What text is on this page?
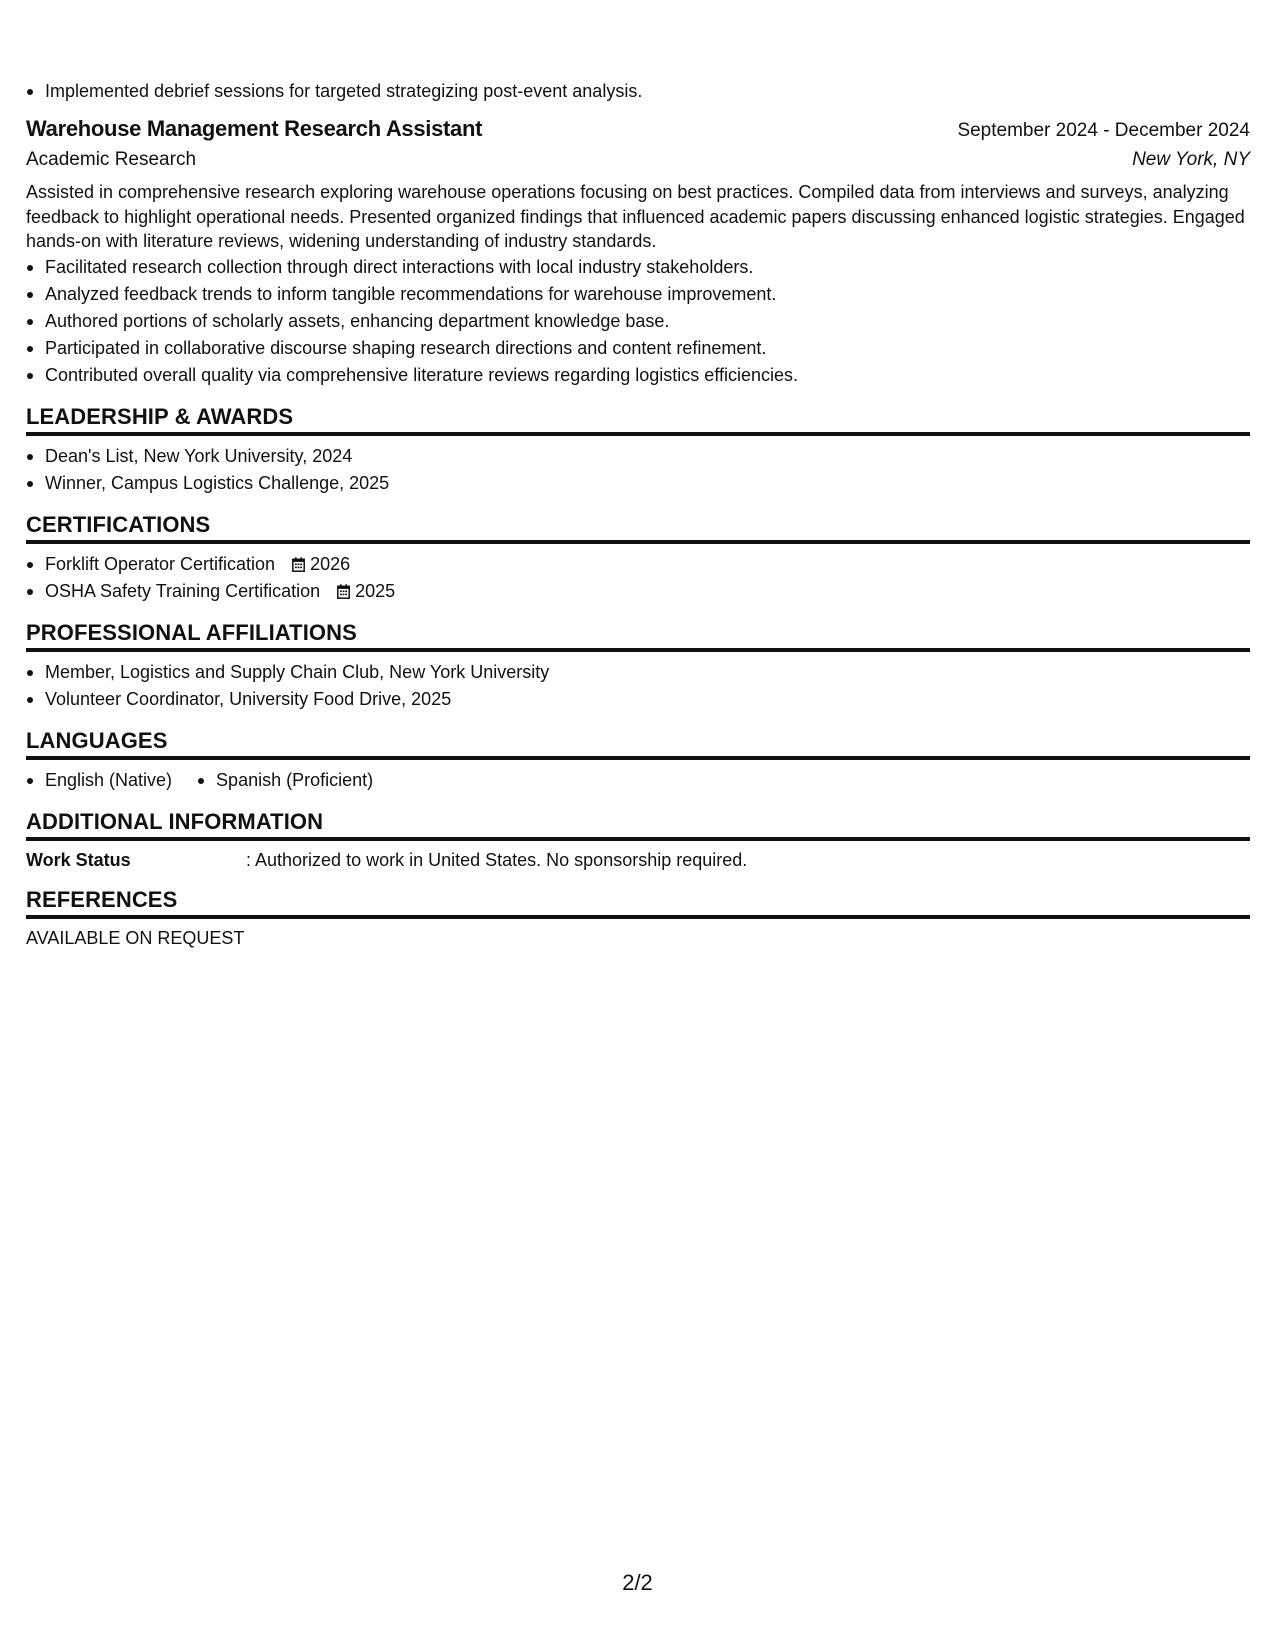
Implemented debrief sessions for targeted strategizing post-event analysis.
Warehouse Management Research Assistant	September 2024 - December 2024
Academic Research	New York, NY
Assisted in comprehensive research exploring warehouse operations focusing on best practices. Compiled data from interviews and surveys, analyzing feedback to highlight operational needs. Presented organized findings that influenced academic papers discussing enhanced logistic strategies. Engaged hands-on with literature reviews, widening understanding of industry standards.
Facilitated research collection through direct interactions with local industry stakeholders.
Analyzed feedback trends to inform tangible recommendations for warehouse improvement.
Authored portions of scholarly assets, enhancing department knowledge base.
Participated in collaborative discourse shaping research directions and content refinement.
Contributed overall quality via comprehensive literature reviews regarding logistics efficiencies.
LEADERSHIP & AWARDS
Dean's List, New York University, 2024
Winner, Campus Logistics Challenge, 2025
CERTIFICATIONS
Forklift Operator Certification 2026
OSHA Safety Training Certification 2025
PROFESSIONAL AFFILIATIONS
Member, Logistics and Supply Chain Club, New York University
Volunteer Coordinator, University Food Drive, 2025
LANGUAGES
English (Native)	Spanish (Proficient)
ADDITIONAL INFORMATION
Work Status	: Authorized to work in United States. No sponsorship required.
REFERENCES
AVAILABLE ON REQUEST
2/2
